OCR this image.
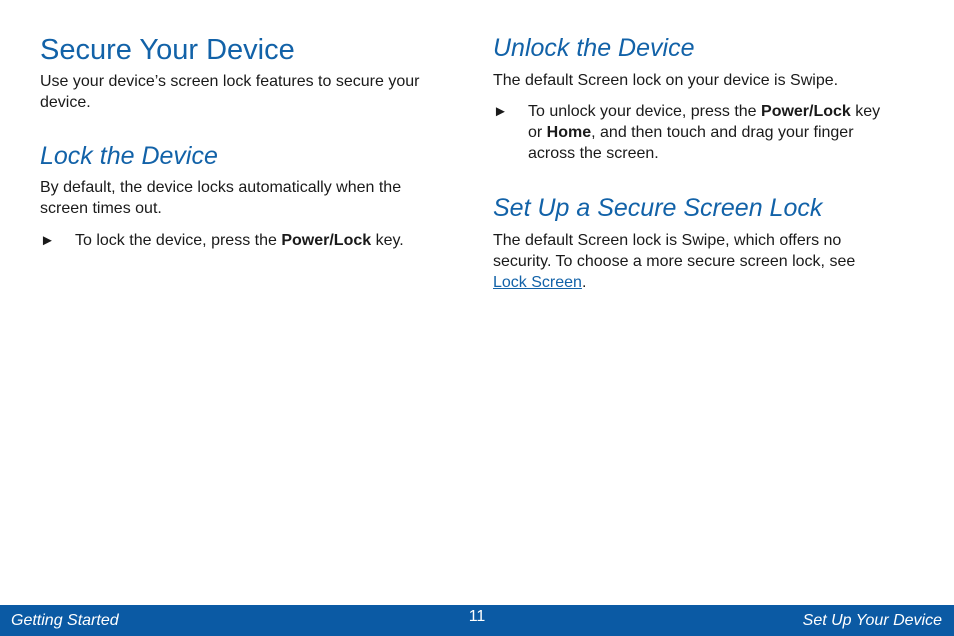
Secure Your Device
Use your device’s screen lock features to secure your
device.
Lock the Device
By default, the device locks automatically when the
screen times out.
► To lock the device, press the Power/Lock key.
Unlock the Device
The default Screen lock on your device is Swipe.
► To unlock your device, press the Power/Lock key
or Home, and then touch and drag your finger
across the screen.
Set Up a Secure Screen Lock
The default Screen lock is Swipe, which offers no
security. To choose a more secure screen lock, see
Lock Screen.
Getting Started	11	Set Up Your Device
